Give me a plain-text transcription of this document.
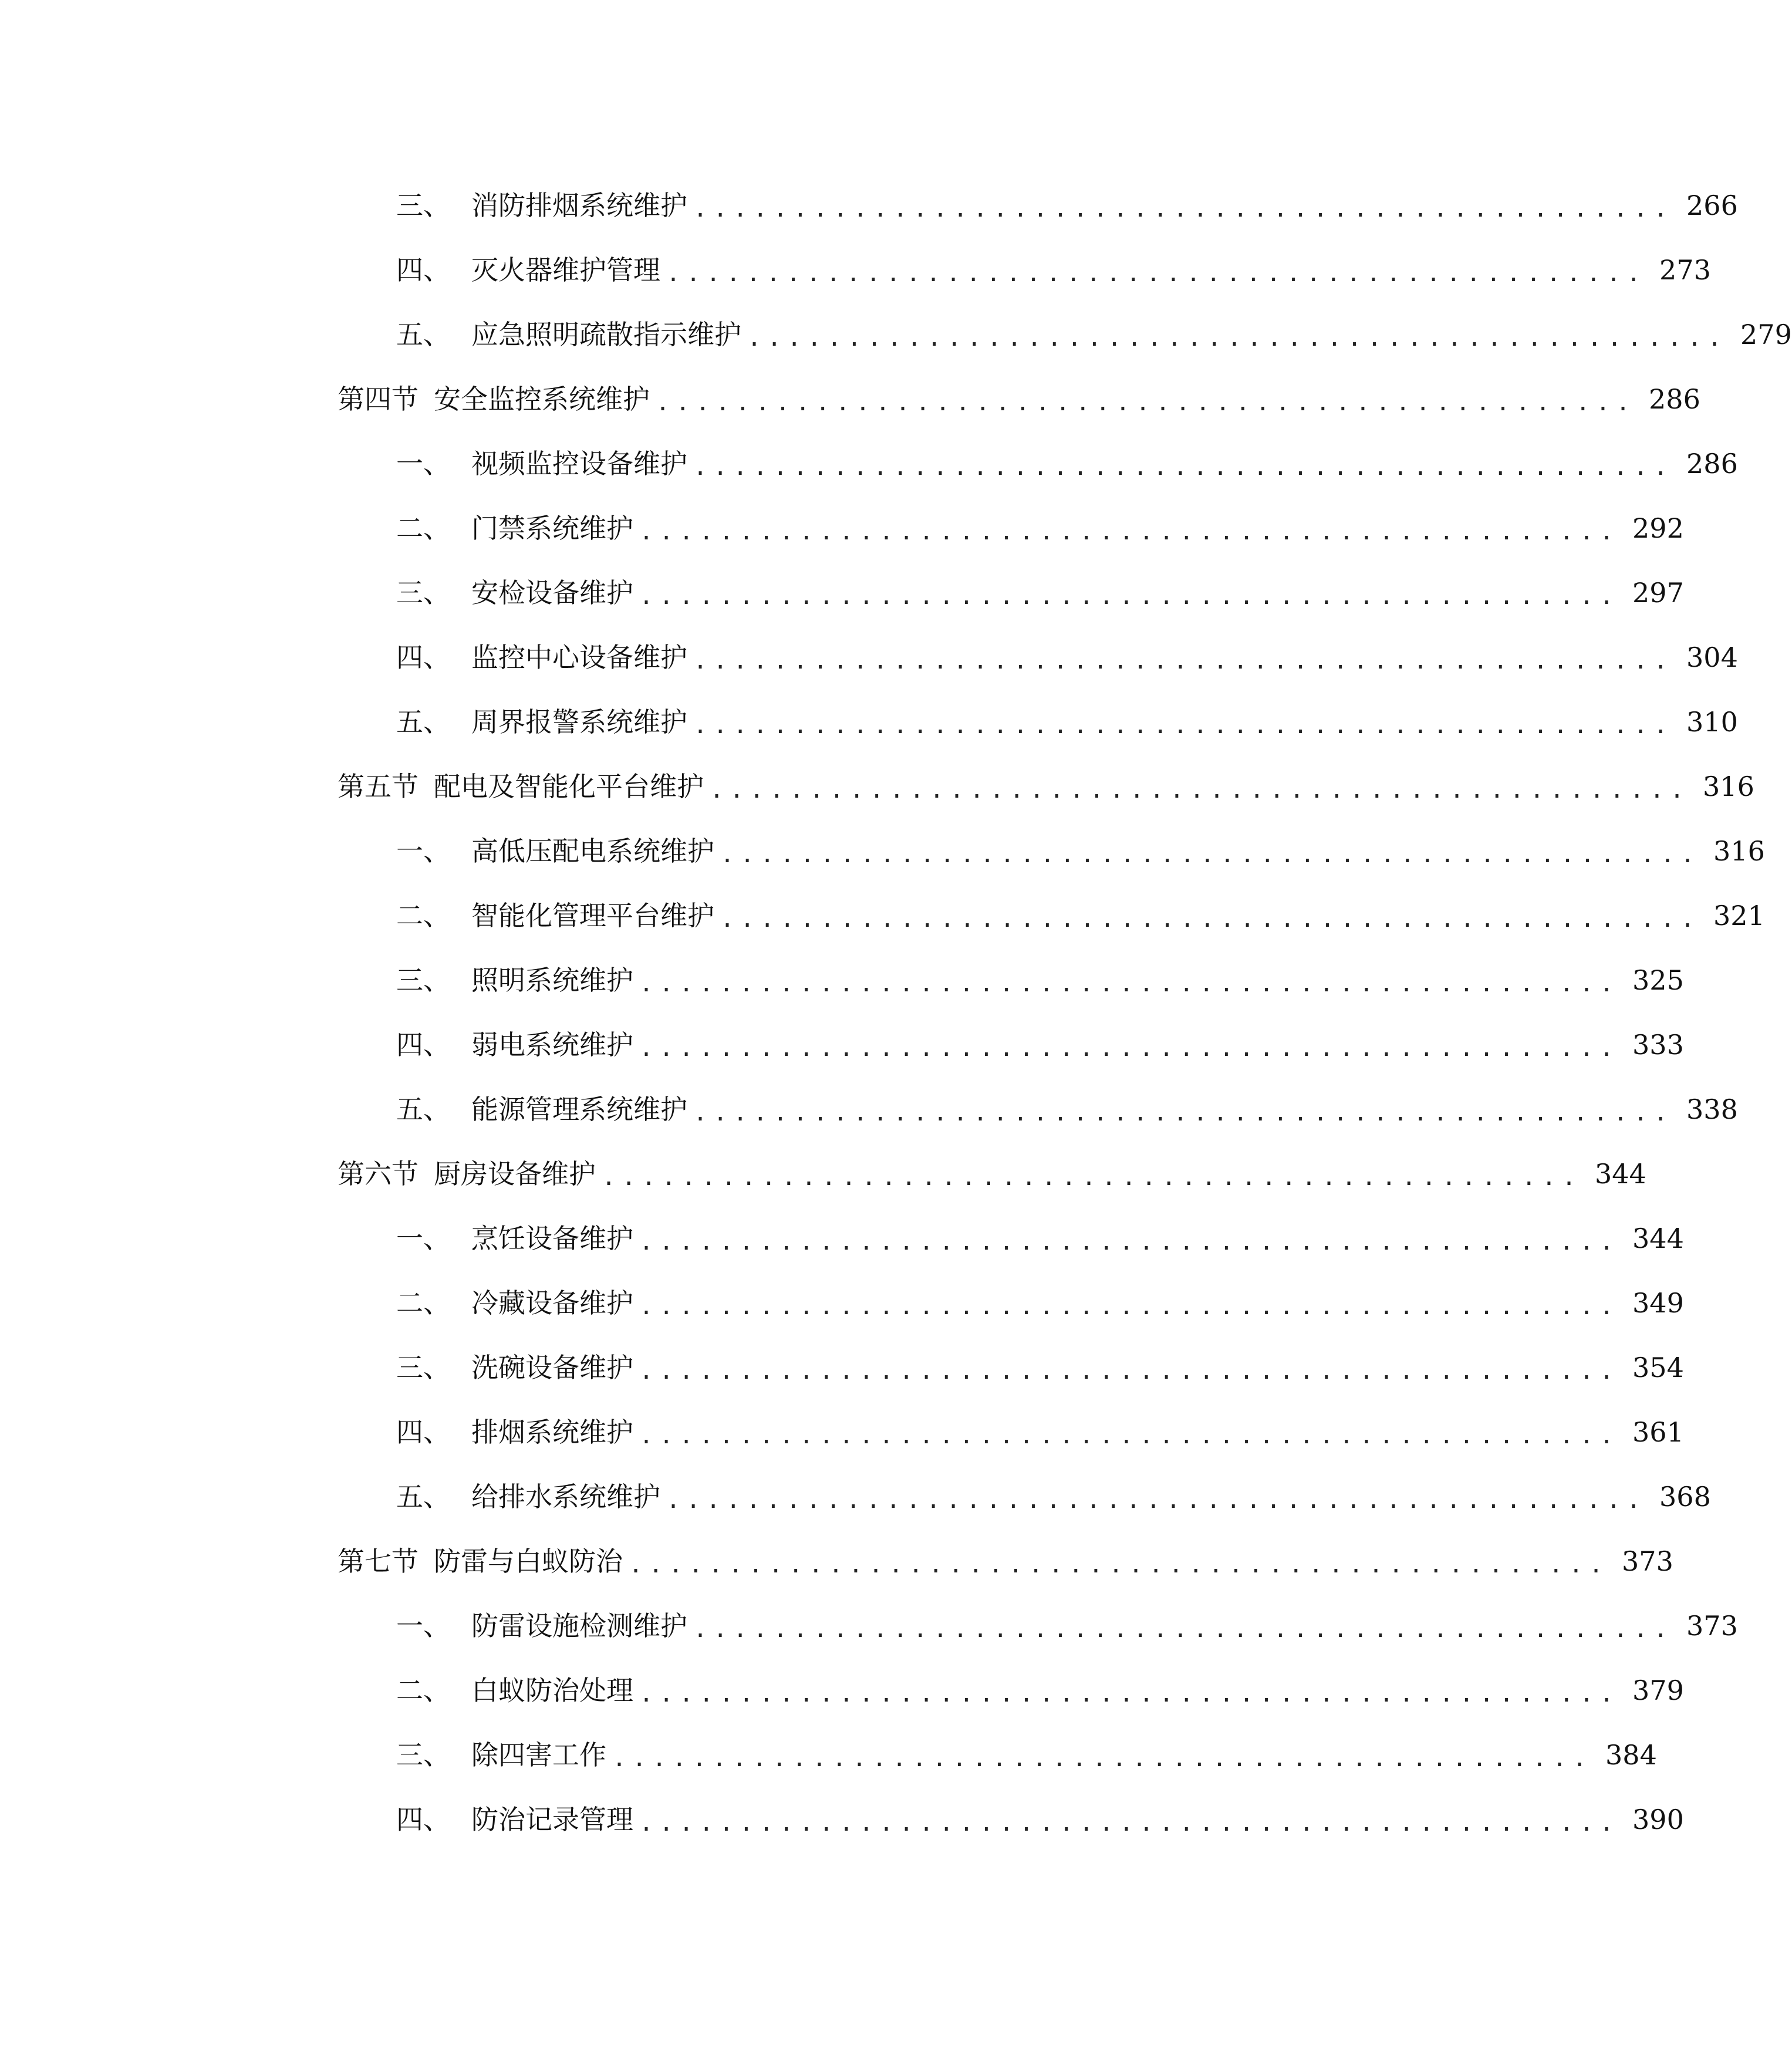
三、 消防排烟系统维护 ................................................. 266
四、 灭火器维护管理 ................................................. 273
五、 应急照明疏散指示维护 ................................................. 279
第四节 安全监控系统维护 ................................................. 286
一、 视频监控设备维护 ................................................. 286
二、 门禁系统维护 ................................................. 292
三、 安检设备维护 ................................................. 297
四、 监控中心设备维护 ................................................. 304
五、 周界报警系统维护 ................................................. 310
第五节 配电及智能化平台维护 ................................................. 316
一、 高低压配电系统维护 ................................................. 316
二、 智能化管理平台维护 ................................................. 321
三、 照明系统维护 ................................................. 325
四、 弱电系统维护 ................................................. 333
五、 能源管理系统维护 ................................................. 338
第六节 厨房设备维护 ................................................. 344
一、 烹饪设备维护 ................................................. 344
二、 冷藏设备维护 ................................................. 349
三、 洗碗设备维护 ................................................. 354
四、 排烟系统维护 ................................................. 361
五、 给排水系统维护 ................................................. 368
第七节 防雷与白蚁防治 ................................................. 373
一、 防雷设施检测维护 ................................................. 373
二、 白蚁防治处理 ................................................. 379
三、 除四害工作 ................................................. 384
四、 防治记录管理 ................................................. 390
